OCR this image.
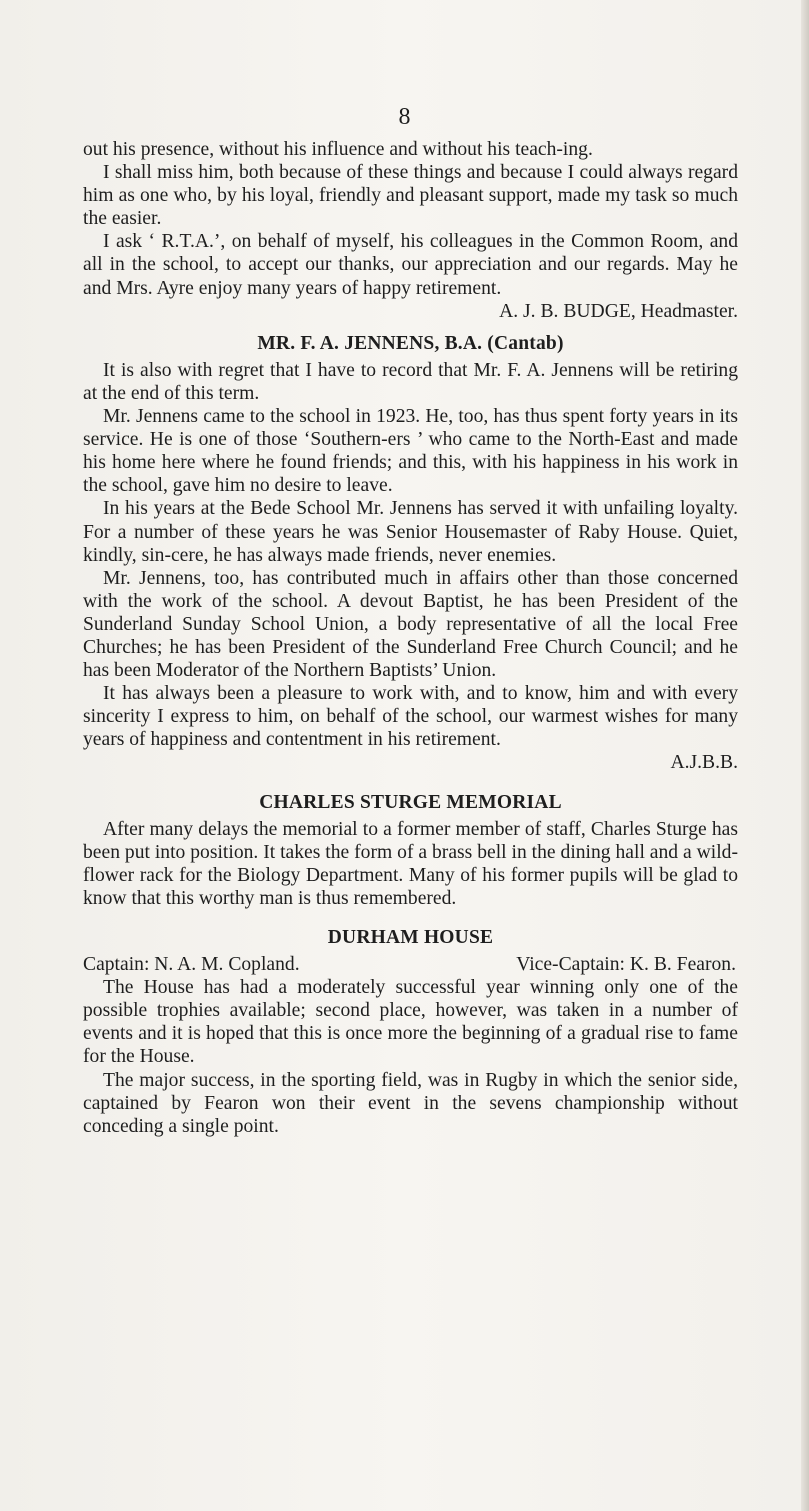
8

out his presence, without his influence and without his teach-ing.

I shall miss him, both because of these things and because I could always regard him as one who, by his loyal, friendly and pleasant support, made my task so much the easier.

I ask ‘ R.T.A.’, on behalf of myself, his colleagues in the Common Room, and all in the school, to accept our thanks, our appreciation and our regards. May he and Mrs. Ayre enjoy many years of happy retirement.

A. J. B. BUDGE, Headmaster.

MR. F. A. JENNENS, B.A. (Cantab)

It is also with regret that I have to record that Mr. F. A. Jennens will be retiring at the end of this term.

Mr. Jennens came to the school in 1923. He, too, has thus spent forty years in its service. He is one of those ‘Southern-ers ’ who came to the North-East and made his home here where he found friends; and this, with his happiness in his work in the school, gave him no desire to leave.

In his years at the Bede School Mr. Jennens has served it with unfailing loyalty. For a number of these years he was Senior Housemaster of Raby House. Quiet, kindly, sin-cere, he has always made friends, never enemies.

Mr. Jennens, too, has contributed much in affairs other than those concerned with the work of the school. A devout Baptist, he has been President of the Sunderland Sunday School Union, a body representative of all the local Free Churches; he has been President of the Sunderland Free Church Council; and he has been Moderator of the Northern Baptists’ Union.

It has always been a pleasure to work with, and to know, him and with every sincerity I express to him, on behalf of the school, our warmest wishes for many years of happiness and contentment in his retirement.

A.J.B.B.

CHARLES STURGE MEMORIAL

After many delays the memorial to a former member of staff, Charles Sturge has been put into position. It takes the form of a brass bell in the dining hall and a wild-flower rack for the Biology Department. Many of his former pupils will be glad to know that this worthy man is thus remembered.

DURHAM HOUSE
Captain: N. A. M. Copland.	Vice-Captain: K. B. Fearon.

The House has had a moderately successful year winning only one of the possible trophies available; second place, however, was taken in a number of events and it is hoped that this is once more the beginning of a gradual rise to fame for the House.

The major success, in the sporting field, was in Rugby in which the senior side, captained by Fearon won their event in the sevens championship without conceding a single point.
